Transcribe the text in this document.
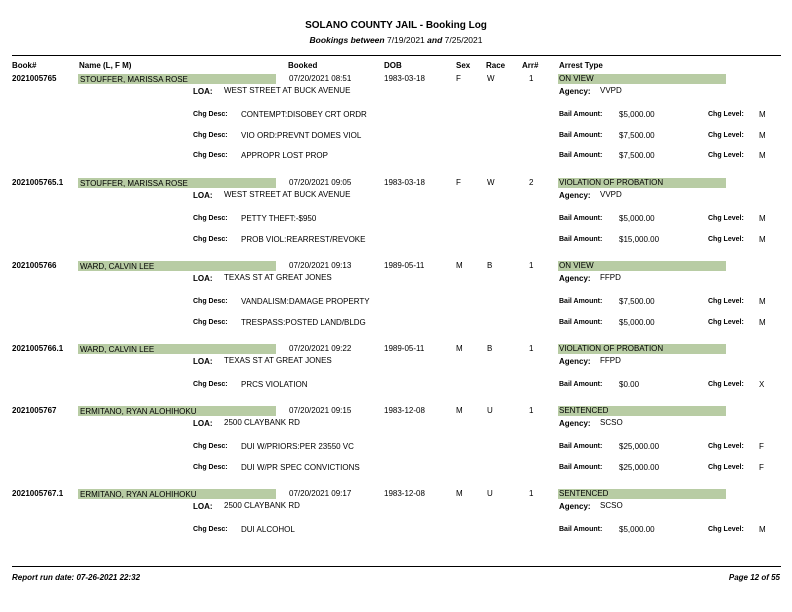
SOLANO COUNTY JAIL - Booking Log
Bookings between 7/19/2021 and 7/25/2021
Book#	Name (L, F M)	Booked	DOB	Sex Race Arr#	Arrest Type
2021005765	STOUFFER, MARISSA ROSE	07/20/2021 08:51	1983-03-18	F	W	1	ON VIEW
LOA: WEST STREET AT BUCK AVENUE	Agency: VVPD
Chg Desc: CONTEMPT:DISOBEY CRT ORDR	Bail Amount: $5,000.00	Chg Level: M
Chg Desc: VIO ORD:PREVNT DOMES VIOL	Bail Amount: $7,500.00	Chg Level: M
Chg Desc: APPROPR LOST PROP	Bail Amount: $7,500.00	Chg Level: M
2021005765.1 STOUFFER, MARISSA ROSE	07/20/2021 09:05	1983-03-18	F	W	2	VIOLATION OF PROBATION
LOA: WEST STREET AT BUCK AVENUE	Agency: VVPD
Chg Desc: PETTY THEFT:-$950	Bail Amount: $5,000.00	Chg Level: M
Chg Desc: PROB VIOL:REARREST/REVOKE	Bail Amount: $15,000.00	Chg Level: M
2021005766	WARD, CALVIN LEE	07/20/2021 09:13	1989-05-11	M	B	1	ON VIEW
LOA: TEXAS ST AT GREAT JONES	Agency: FFPD
Chg Desc: VANDALISM:DAMAGE PROPERTY	Bail Amount: $7,500.00	Chg Level: M
Chg Desc: TRESPASS:POSTED LAND/BLDG	Bail Amount: $5,000.00	Chg Level: M
2021005766.1 WARD, CALVIN LEE	07/20/2021 09:22	1989-05-11	M	B	1	VIOLATION OF PROBATION
LOA: TEXAS ST AT GREAT JONES	Agency: FFPD
Chg Desc: PRCS VIOLATION	Bail Amount: $0.00	Chg Level: X
2021005767	ERMITANO, RYAN ALOHIHOKU	07/20/2021 09:15	1983-12-08	M	U	1	SENTENCED
LOA: 2500 CLAYBANK RD	Agency: SCSO
Chg Desc: DUI W/PRIORS:PER 23550 VC	Bail Amount: $25,000.00	Chg Level: F
Chg Desc: DUI W/PR SPEC CONVICTIONS	Bail Amount: $25,000.00	Chg Level: F
2021005767.1 ERMITANO, RYAN ALOHIHOKU	07/20/2021 09:17	1983-12-08	M	U	1	SENTENCED
LOA: 2500 CLAYBANK RD	Agency: SCSO
Chg Desc: DUI ALCOHOL	Bail Amount: $5,000.00	Chg Level: M
Report run date: 07-26-2021 22:32	Page 12 of 55
